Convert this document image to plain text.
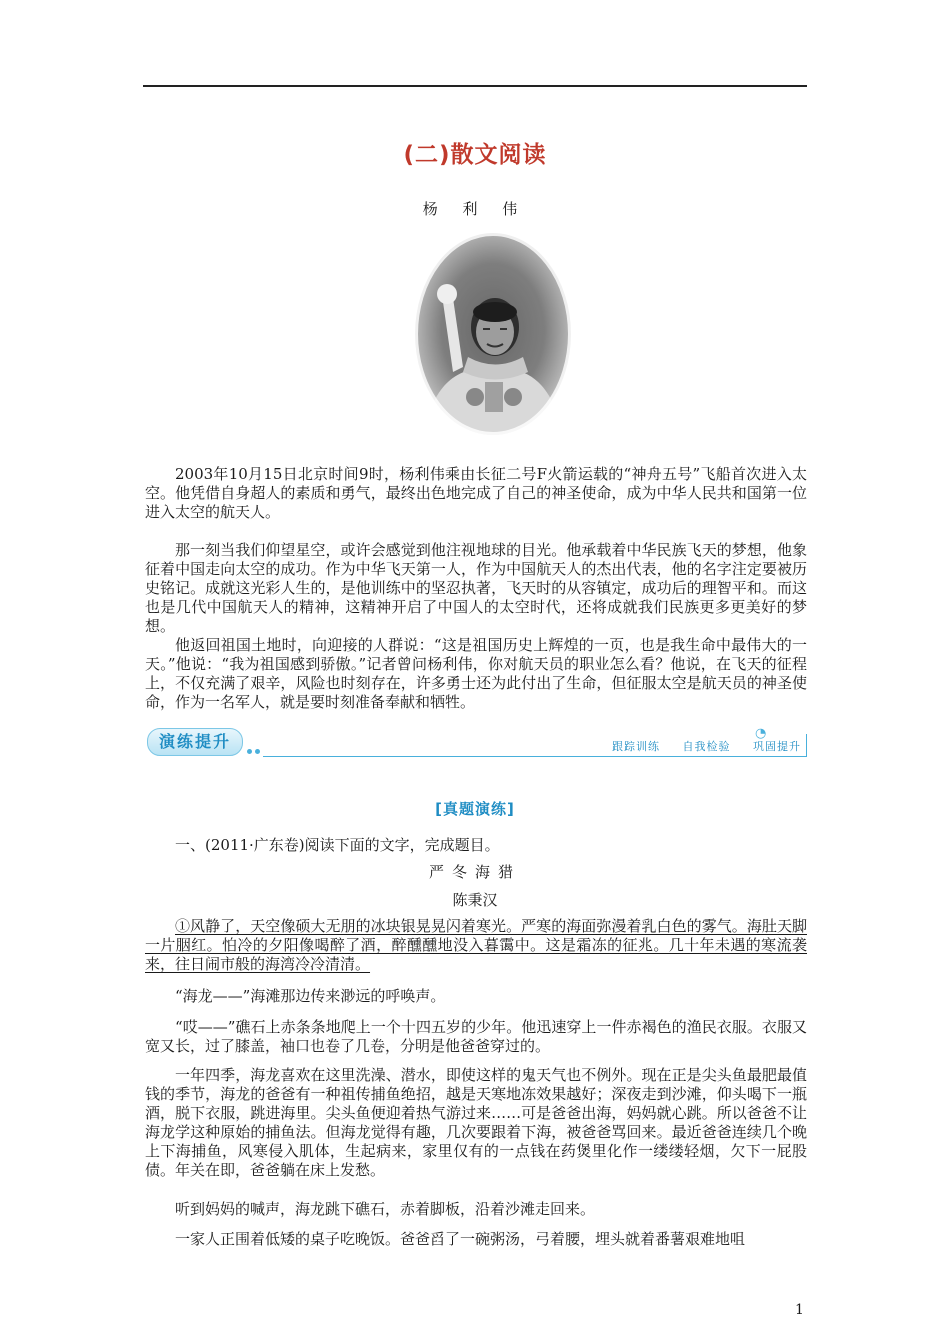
(二)散文阅读
杨 利 伟

2003年10月15日北京时间9时，杨利伟乘由长征二号F火箭运载的“神舟五号”飞船首次进入太空。他凭借自身超人的素质和勇气，最终出色地完成了自己的神圣使命，成为中华人民共和国第一位进入太空的航天人。

那一刻当我们仰望星空，或许会感觉到他注视地球的目光。他承载着中华民族飞天的梦想，他象征着中国走向太空的成功。作为中华飞天第一人，作为中国航天人的杰出代表，他的名字注定要被历史铭记。成就这光彩人生的，是他训练中的坚忍执著，飞天时的从容镇定，成功后的理智平和。而这也是几代中国航天人的精神，这精神开启了中国人的太空时代，还将成就我们民族更多更美好的梦想。

他返回祖国土地时，向迎接的人群说：“这是祖国历史上辉煌的一页，也是我生命中最伟大的一天。”他说：“我为祖国感到骄傲。”记者曾问杨利伟，你对航天员的职业怎么看？他说，在飞天的征程上，不仅充满了艰辛，风险也时刻存在，许多勇士还为此付出了生命，但征服太空是航天员的神圣使命，作为一名军人，就是要时刻准备奉献和牺牲。

演练提升	◔
跟踪训练 自我检验 巩固提升
[真题演练]
一、(2011·广东卷)阅读下面的文字，完成题目。
严冬海猎
陈秉汉

①风静了，天空像硕大无朋的冰块银晃晃闪着寒光。严寒的海面弥漫着乳白色的雾气。海肚天脚一片胭红。怕冷的夕阳像喝醉了酒，醉醺醺地没入暮霭中。这是霜冻的征兆。几十年未遇的寒流袭来，往日闹市般的海湾冷冷清清。

“海龙——”海滩那边传来渺远的呼唤声。

“哎——”礁石上赤条条地爬上一个十四五岁的少年。他迅速穿上一件赤褐色的渔民衣服。衣服又宽又长，过了膝盖，袖口也卷了几卷，分明是他爸爸穿过的。

一年四季，海龙喜欢在这里洗澡、潜水，即使这样的鬼天气也不例外。现在正是尖头鱼最肥最值钱的季节，海龙的爸爸有一种祖传捕鱼绝招，越是天寒地冻效果越好；深夜走到沙滩，仰头喝下一瓶酒，脱下衣服，跳进海里。尖头鱼便迎着热气游过来……可是爸爸出海，妈妈就心跳。所以爸爸不让海龙学这种原始的捕鱼法。但海龙觉得有趣，几次要跟着下海，被爸爸骂回来。最近爸爸连续几个晚上下海捕鱼，风寒侵入肌体，生起病来，家里仅有的一点钱在药煲里化作一缕缕轻烟，欠下一屁股债。年关在即，爸爸躺在床上发愁。

听到妈妈的喊声，海龙跳下礁石，赤着脚板，沿着沙滩走回来。

一家人正围着低矮的桌子吃晚饭。爸爸舀了一碗粥汤，弓着腰，埋头就着番薯艰难地咀

1
